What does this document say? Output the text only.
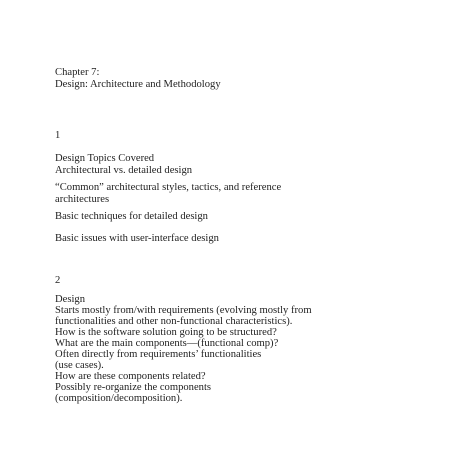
Chapter 7:
Design: Architecture and Methodology
1
Design Topics Covered
Architectural vs. detailed design
“Common” architectural styles, tactics, and reference
architectures
Basic techniques for detailed design
Basic issues with user-interface design
2
Design
Starts mostly from/with requirements (evolving mostly from
functionalities and other non-functional characteristics).
How is the software solution going to be structured?
What are the main components—(functional comp)?
Often directly from requirements’ functionalities
(use cases).
How are these components related?
Possibly re-organize the components
(composition/decomposition).
